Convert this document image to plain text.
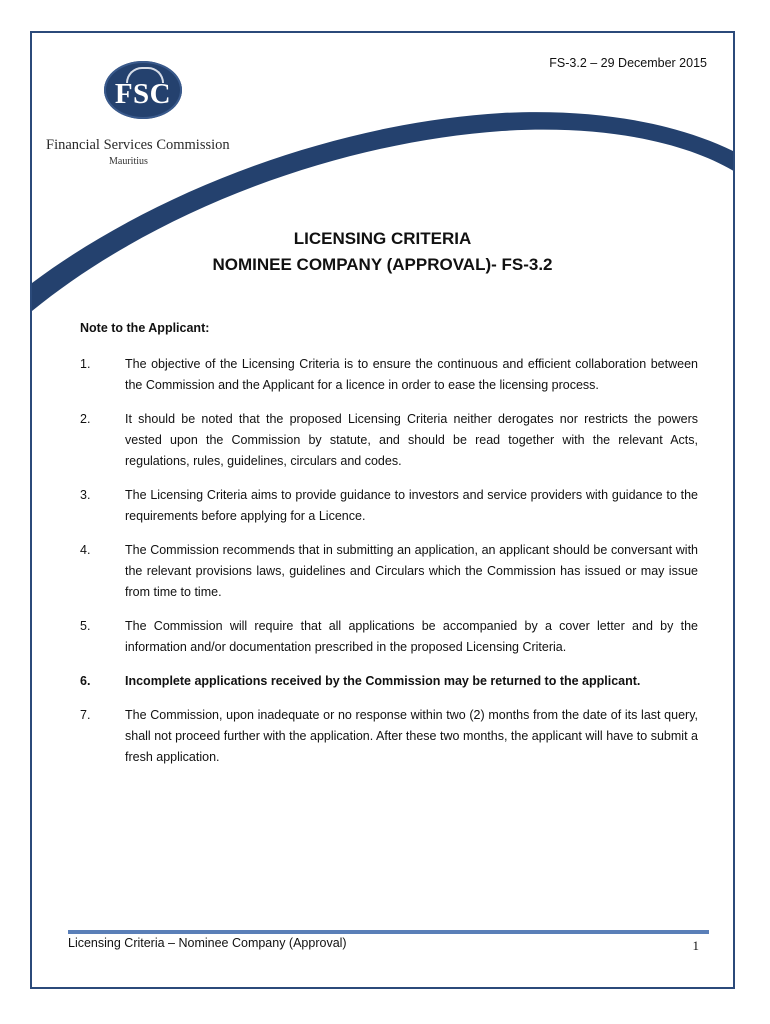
FS-3.2 – 29 December 2015
FSC
Financial Services Commission
Mauritius
LICENSING CRITERIA
NOMINEE COMPANY (APPROVAL)- FS-3.2
Note to the Applicant:
1.	The objective of the Licensing Criteria is to ensure the continuous and efficient collaboration between the Commission and the Applicant for a licence in order to ease the licensing process.
2.	It should be noted that the proposed Licensing Criteria neither derogates nor restricts the powers vested upon the Commission by statute, and should be read together with the relevant Acts, regulations, rules, guidelines, circulars and codes.
3.	The Licensing Criteria aims to provide guidance to investors and service providers with guidance to the requirements before applying for a Licence.
4.	The Commission recommends that in submitting an application, an applicant should be conversant with the relevant provisions laws, guidelines and Circulars which the Commission has issued or may issue from time to time.
5.	The Commission will require that all applications be accompanied by a cover letter and by the information and/or documentation prescribed in the proposed Licensing Criteria.
6.	Incomplete applications received by the Commission may be returned to the applicant.
7.	The Commission, upon inadequate or no response within two (2) months from the date of its last query, shall not proceed further with the application. After these two months, the applicant will have to submit a fresh application.
Licensing Criteria – Nominee Company (Approval)	1
